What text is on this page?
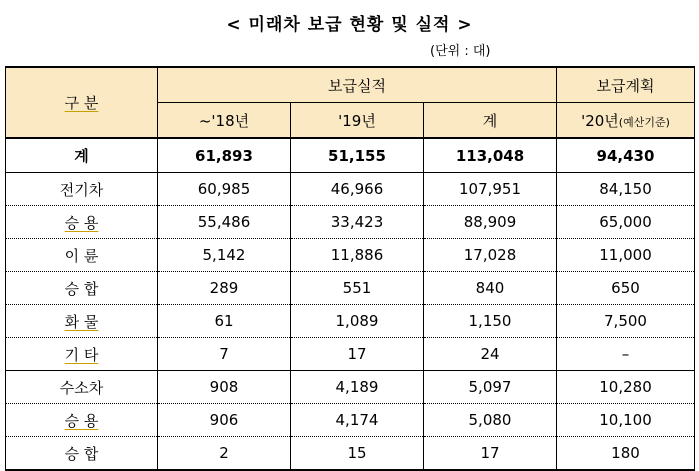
< 미래차 보급 현황 및 실적 >
(단위 : 대)
구 분	보급실적			보급계획
	~'18년	'19년	계	'20년(예산기준)
계	61,893	51,155	113,048	94,430
전기차	60,985	46,966	107,951	84,150
승 용	55,486	33,423	88,909	65,000
이 륜	5,142	11,886	17,028	11,000
승 합	289	551	840	650
화 물	61	1,089	1,150	7,500
기 타	7	17	24	–
수소차	908	4,189	5,097	10,280
승 용	906	4,174	5,080	10,100
승 합	2	15	17	180
